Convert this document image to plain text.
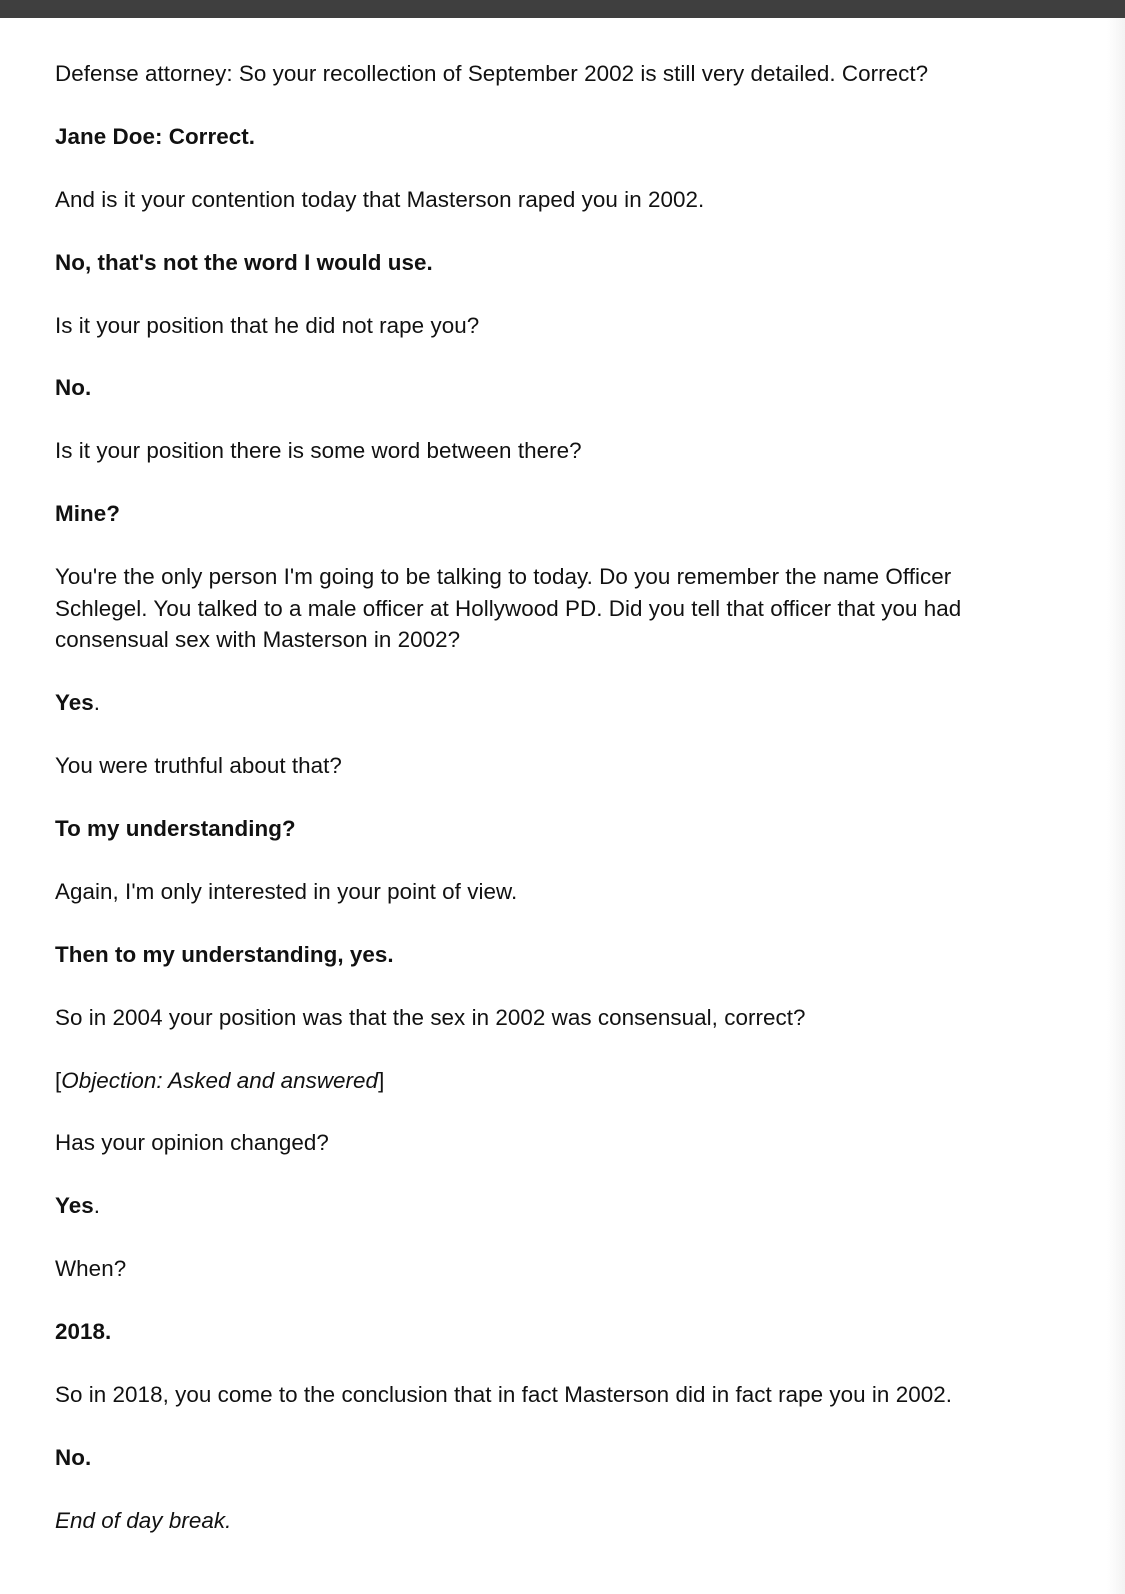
Defense attorney: So your recollection of September 2002 is still very detailed. Correct?

Jane Doe: Correct.

And is it your contention today that Masterson raped you in 2002.

No, that's not the word I would use.

Is it your position that he did not rape you?

No.

Is it your position there is some word between there?

Mine?

You're the only person I'm going to be talking to today. Do you remember the name Officer Schlegel. You talked to a male officer at Hollywood PD. Did you tell that officer that you had consensual sex with Masterson in 2002?

Yes.

You were truthful about that?

To my understanding?

Again, I'm only interested in your point of view.

Then to my understanding, yes.

So in 2004 your position was that the sex in 2002 was consensual, correct?

[Objection: Asked and answered]

Has your opinion changed?

Yes.

When?

2018.

So in 2018, you come to the conclusion that in fact Masterson did in fact rape you in 2002.

No.

End of day break.
